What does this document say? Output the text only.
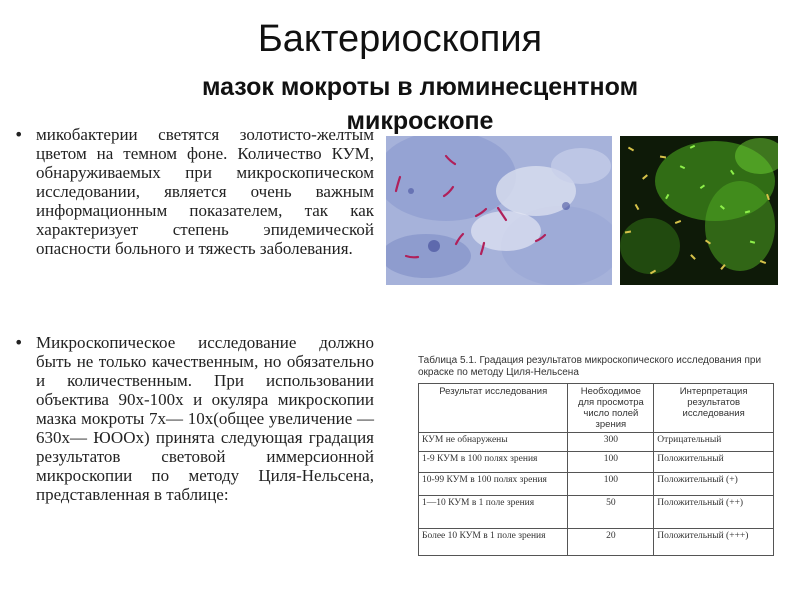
Бактериоскопия
мазок мокроты в люминесцентном микроскопе
• микобактерии светятся золотисто-желтым цветом на темном фоне. Количество КУМ, обнаруживаемых при микроскопическом исследовании, является очень важным информационным показателем, так как характеризует степень эпидемической опасности больного и тяжесть заболевания.
• Микроскопическое исследование должно быть не только качественным, но обязательно и количественным. При использовании объектива 90х-100х и окуляра микроскопии мазка мокроты 7х— 10х(общее увеличение — 630х— ЮООх) принята следующая градация результатов световой иммерсионной микроскопии по методу Циля-Нельсена, представленная в таблице:
Таблица 5.1. Градация результатов микроскопического исследования при окраске по методу Циля-Нельсена
Результат исследования	Необходимое для просмотра число полей зрения	Интерпретация результатов исследования
КУМ не обнаружены	300	Отрицательный
1-9 КУМ в 100 полях зрения	100	Положительный
10-99 КУМ в 100 полях зрения	100	Положительный (+)
1—10 КУМ в 1 поле зрения	50	Положительный (++)
Более 10 КУМ в 1 поле зрения	20	Положительный (+++)
